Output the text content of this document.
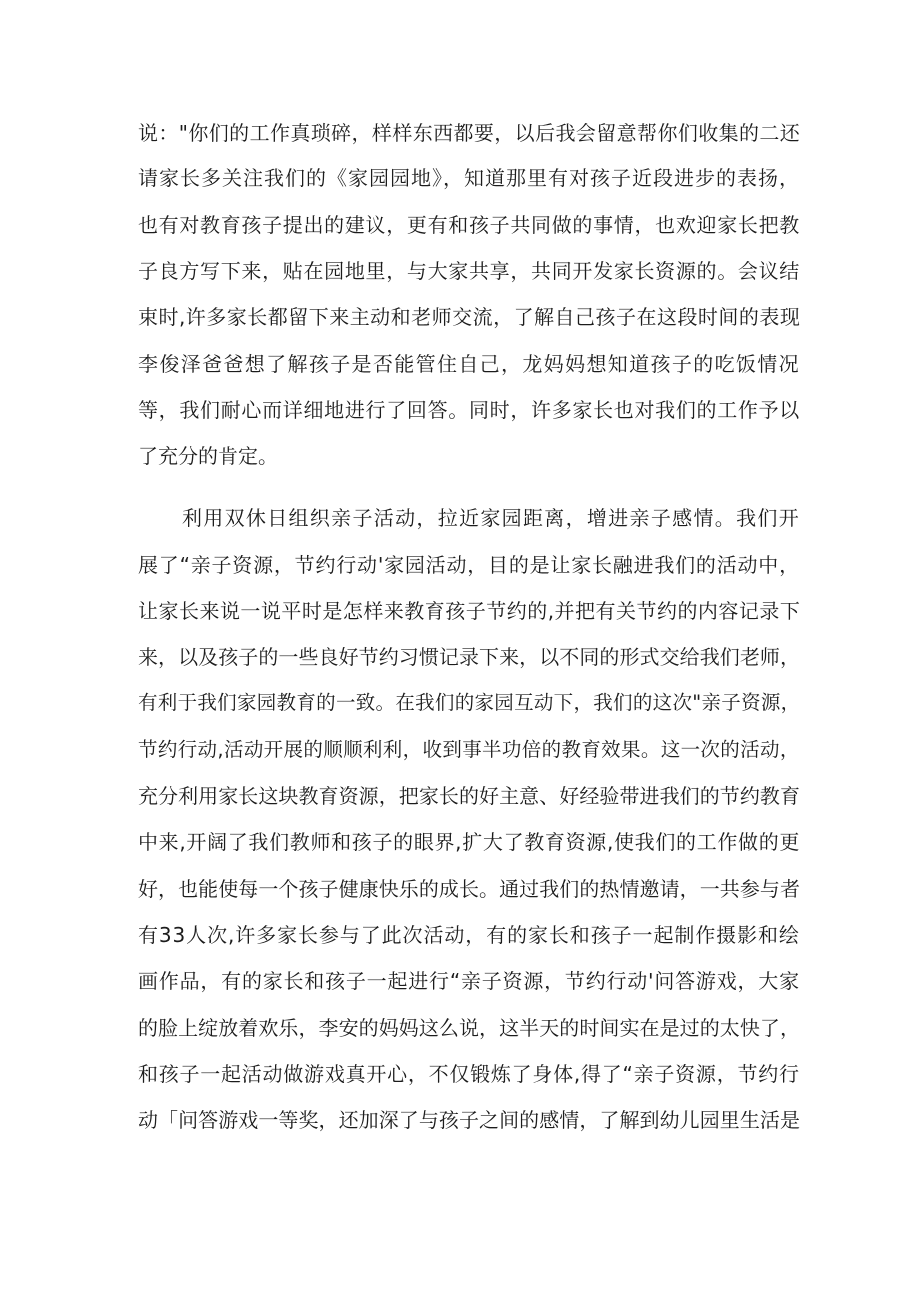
说："你们的工作真琐碎，样样东西都要，以后我会留意帮你们收集的二还
请家长多关注我们的《家园园地》，知道那里有对孩子近段进步的表扬，
也有对教育孩子提出的建议，更有和孩子共同做的事情，也欢迎家长把教
子良方写下来，贴在园地里，与大家共享，共同开发家长资源的。会议结
束时,许多家长都留下来主动和老师交流，了解自己孩子在这段时间的表现
李俊泽爸爸想了解孩子是否能管住自己，龙妈妈想知道孩子的吃饭情况
等，我们耐心而详细地进行了回答。同时，许多家长也对我们的工作予以
了充分的肯定。
利用双休日组织亲子活动，拉近家园距离，增进亲子感情。我们开
展了“亲子资源，节约行动'家园活动，目的是让家长融进我们的活动中，
让家长来说一说平时是怎样来教育孩子节约的,并把有关节约的内容记录下
来，以及孩子的一些良好节约习惯记录下来，以不同的形式交给我们老师，
有利于我们家园教育的一致。在我们的家园互动下，我们的这次"亲子资源，
节约行动,活动开展的顺顺利利，收到事半功倍的教育效果。这一次的活动，
充分利用家长这块教育资源，把家长的好主意、好经验带进我们的节约教育
中来,开阔了我们教师和孩子的眼界,扩大了教育资源,使我们的工作做的更
好，也能使每一个孩子健康快乐的成长。通过我们的热情邀请，一共参与者
有33人次,许多家长参与了此次活动，有的家长和孩子一起制作摄影和绘
画作品，有的家长和孩子一起进行“亲子资源，节约行动'问答游戏，大家
的脸上绽放着欢乐，李安的妈妈这么说，这半天的时间实在是过的太快了，
和孩子一起活动做游戏真开心，不仅锻炼了身体,得了“亲子资源，节约行
动「问答游戏一等奖，还加深了与孩子之间的感情，了解到幼儿园里生活是
